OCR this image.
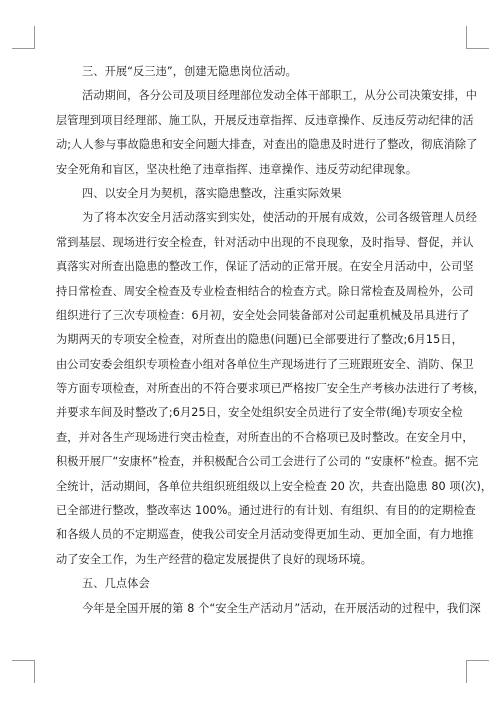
三、开展“反三违”，创建无隐患岗位活动。
活动期间，各分公司及项目经理部位发动全体干部职工，从分公司决策安排，中
层管理到项目经理部、施工队，开展反违章指挥、反违章操作、反违反劳动纪律的活
动;人人参与事故隐患和安全问题大排查，对查出的隐患及时进行了整改，彻底消除了
安全死角和盲区，坚决杜绝了违章指挥、违章操作、违反劳动纪律现象。
四、以安全月为契机，落实隐患整改，注重实际效果
为了将本次安全月活动落实到实处，使活动的开展有成效，公司各级管理人员经
常到基层、现场进行安全检查，针对活动中出现的不良现象，及时指导、督促，并认
真落实对所查出隐患的整改工作，保证了活动的正常开展。在安全月活动中，公司坚
持日常检查、周安全检查及专业检查相结合的检查方式。除日常检查及周检外，公司
组织进行了三次专项检查：6月初，安全处会同装备部对公司起重机械及吊具进行了
为期两天的专项安全检查，对所查出的隐患(问题)已全部要进行了整改;6月15日，
由公司安委会组织专项检查小组对各单位生产现场进行了三班跟班安全、消防、保卫
等方面专项检查，对所查出的不符合要求项已严格按厂安全生产考核办法进行了考核，
并要求车间及时整改了;6月25日，安全处组织安全员进行了安全带(绳)专项安全检
查，并对各生产现场进行突击检查，对所查出的不合格项已及时整改。在安全月中，
积极开展厂“安康杯”检查，并积极配合公司工会进行了公司的 “安康杯”检查。据不完
全统计，活动期间，各单位共组织班组级以上安全检查 20 次，共查出隐患 80 项(次)，
已全部进行整改，整改率达 100%。通过进行的有计划、有组织、有目的的定期检查
和各级人员的不定期巡查，使我公司安全月活动变得更加生动、更加全面，有力地推
动了安全工作，为生产经营的稳定发展提供了良好的现场环境。
五、几点体会
今年是全国开展的第 8 个“安全生产活动月”活动，在开展活动的过程中，我们深
